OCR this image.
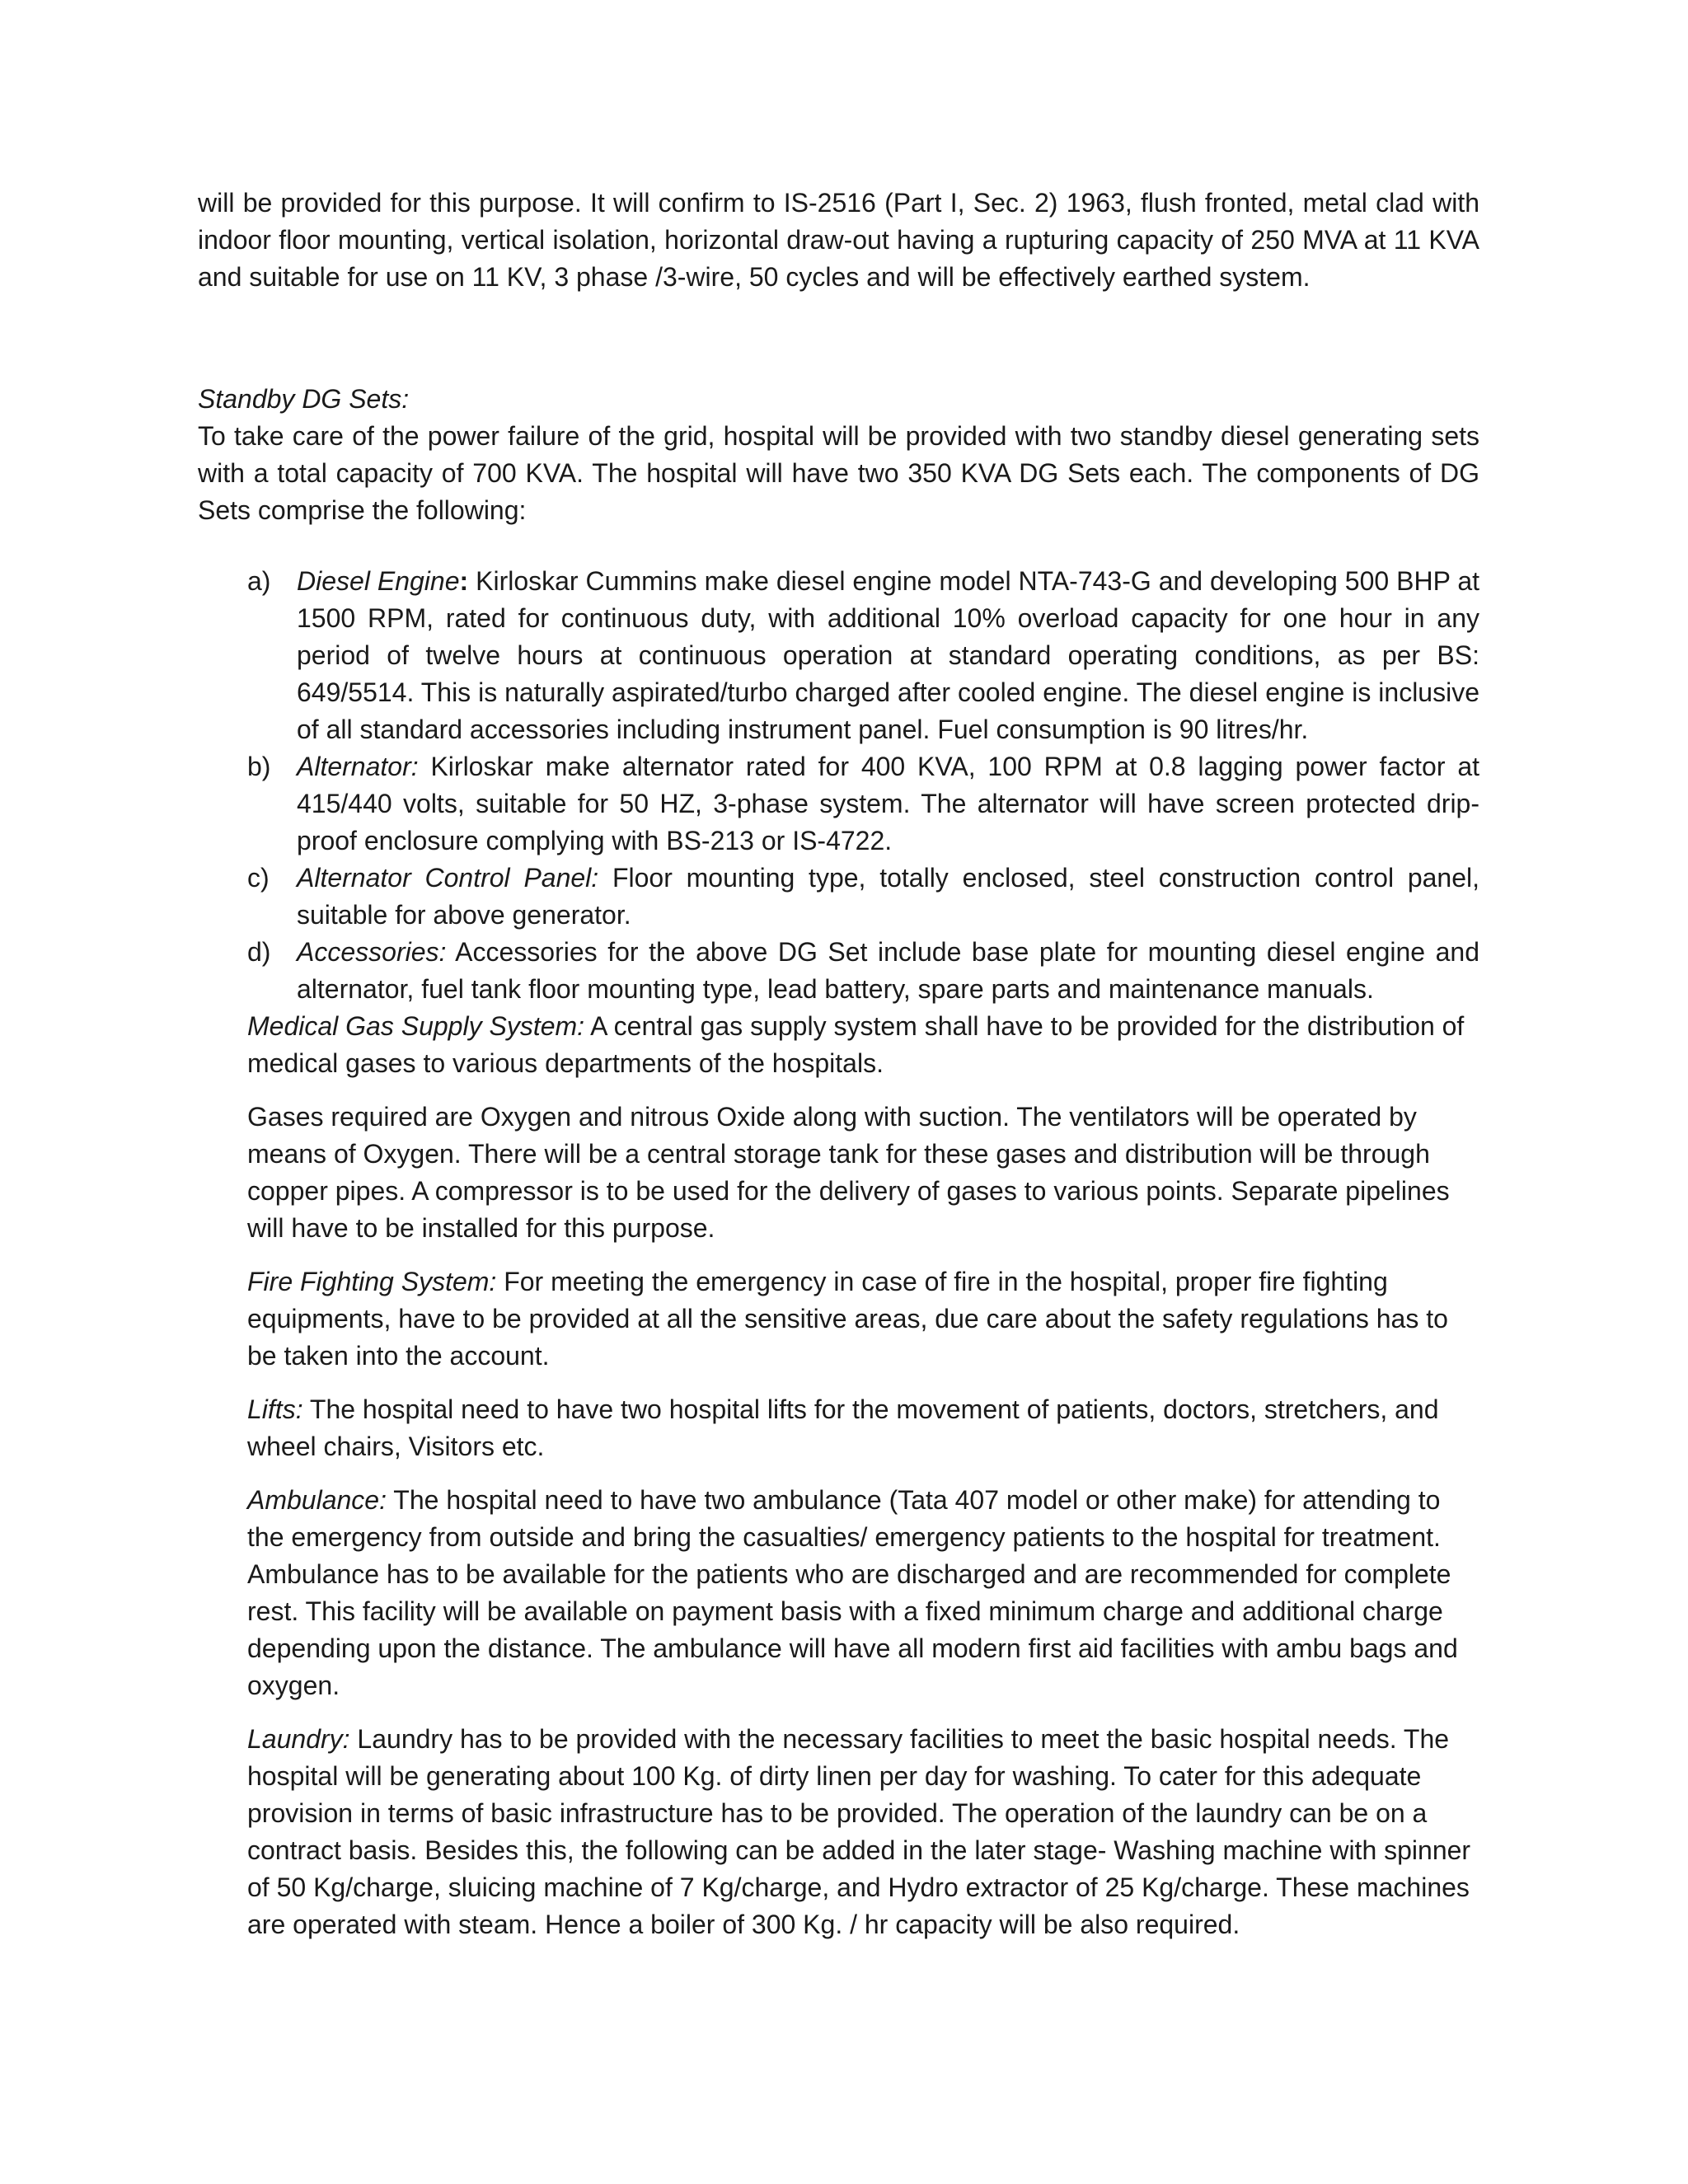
will be provided for this purpose. It will confirm to IS-2516 (Part I, Sec. 2) 1963, flush fronted, metal clad with indoor floor mounting, vertical isolation, horizontal draw-out having a rupturing capacity of 250 MVA at 11 KVA and suitable for use on 11 KV, 3 phase /3-wire, 50 cycles and will be effectively earthed system.

Standby DG Sets:

To take care of the power failure of the grid, hospital will be provided with two standby diesel generating sets with a total capacity of 700 KVA. The hospital will have two 350 KVA DG Sets each. The components of DG Sets comprise the following:

a) Diesel Engine: Kirloskar Cummins make diesel engine model NTA-743-G and developing 500 BHP at 1500 RPM, rated for continuous duty, with additional 10% overload capacity for one hour in any period of twelve hours at continuous operation at standard operating conditions, as per BS: 649/5514. This is naturally aspirated/turbo charged after cooled engine. The diesel engine is inclusive of all standard accessories including instrument panel. Fuel consumption is 90 litres/hr.
b) Alternator: Kirloskar make alternator rated for 400 KVA, 100 RPM at 0.8 lagging power factor at 415/440 volts, suitable for 50 HZ, 3-phase system. The alternator will have screen protected drip-proof enclosure complying with BS-213 or IS-4722.
c)	Alternator Control Panel: Floor mounting type, totally enclosed, steel construction control panel, suitable for above generator.
d) Accessories: Accessories for the above DG Set include base plate for mounting diesel engine and alternator, fuel tank floor mounting type, lead battery, spare parts and maintenance manuals.

Medical Gas Supply System: A central gas supply system shall have to be provided for the distribution of medical gases to various departments of the hospitals.

Gases required are Oxygen and nitrous Oxide along with suction. The ventilators will be operated by means of Oxygen. There will be a central storage tank for these gases and distribution will be through copper pipes. A compressor is to be used for the delivery of gases to various points. Separate pipelines will have to be installed for this purpose.

Fire Fighting System: For meeting the emergency in case of fire in the hospital, proper fire fighting equipments, have to be provided at all the sensitive areas, due care about the safety regulations has to be taken into the account.

Lifts: The hospital need to have two hospital lifts for the movement of patients, doctors, stretchers, and wheel chairs, Visitors etc.

Ambulance: The hospital need to have two ambulance (Tata 407 model or other make) for attending to the emergency from outside and bring the casualties/ emergency patients to the hospital for treatment. Ambulance has to be available for the patients who are discharged and are recommended for complete rest. This facility will be available on payment basis with a fixed minimum charge and additional charge depending upon the distance. The ambulance will have all modern first aid facilities with ambu bags and oxygen.

Laundry: Laundry has to be provided with the necessary facilities to meet the basic hospital needs. The hospital will be generating about 100 Kg. of dirty linen per day for washing. To cater for this adequate provision in terms of basic infrastructure has to be provided. The operation of the laundry can be on a contract basis. Besides this, the following can be added in the later stage- Washing machine with spinner of 50 Kg/charge, sluicing machine of 7 Kg/charge, and Hydro extractor of 25 Kg/charge. These machines are operated with steam. Hence a boiler of 300 Kg. / hr capacity will be also required.
